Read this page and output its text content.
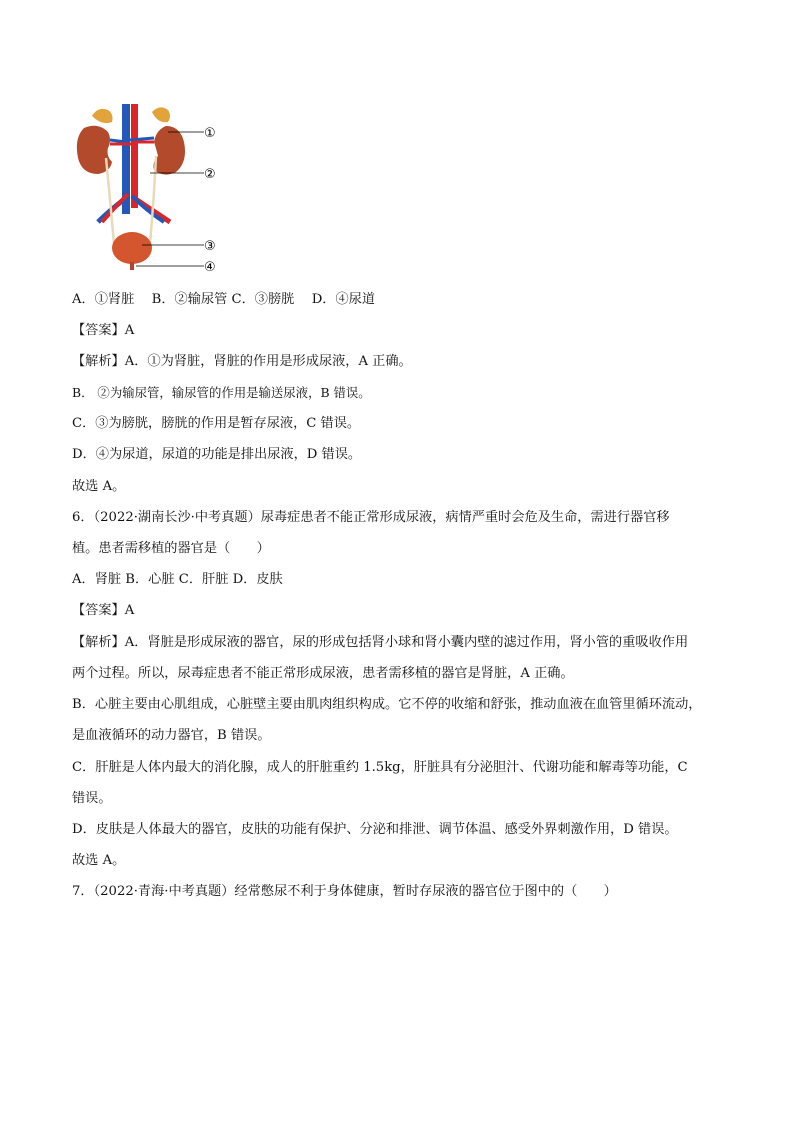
①
②
③
④
A．①肾脏　 B．②输尿管 C．③膀胱　 D．④尿道
【答案】A
【解析】A．①为肾脏，肾脏的作用是形成尿液，A 正确。
B． ②为输尿管，输尿管的作用是输送尿液，B 错误。
C．③为膀胱，膀胱的作用是暂存尿液，C 错误。
D．④为尿道，尿道的功能是排出尿液，D 错误。
故选 A。
6．（2022·湖南长沙·中考真题）尿毒症患者不能正常形成尿液，病情严重时会危及生命，需进行器官移
植。患者需移植的器官是（　　）
A．肾脏 B．心脏 C．肝脏 D．皮肤
【答案】A
【解析】A．肾脏是形成尿液的器官，尿的形成包括肾小球和肾小囊内壁的滤过作用，肾小管的重吸收作用
两个过程。所以，尿毒症患者不能正常形成尿液，患者需移植的器官是肾脏，A 正确。
B．心脏主要由心肌组成，心脏壁主要由肌肉组织构成。它不停的收缩和舒张，推动血液在血管里循环流动，
是血液循环的动力器官，B 错误。
C．肝脏是人体内最大的消化腺，成人的肝脏重约 1.5kg，肝脏具有分泌胆汁、代谢功能和解毒等功能，C
错误。
D．皮肤是人体最大的器官，皮肤的功能有保护、分泌和排泄、调节体温、感受外界刺激作用，D 错误。
故选 A。
7．（2022·青海·中考真题）经常憋尿不利于身体健康，暂时存尿液的器官位于图中的（　　）
